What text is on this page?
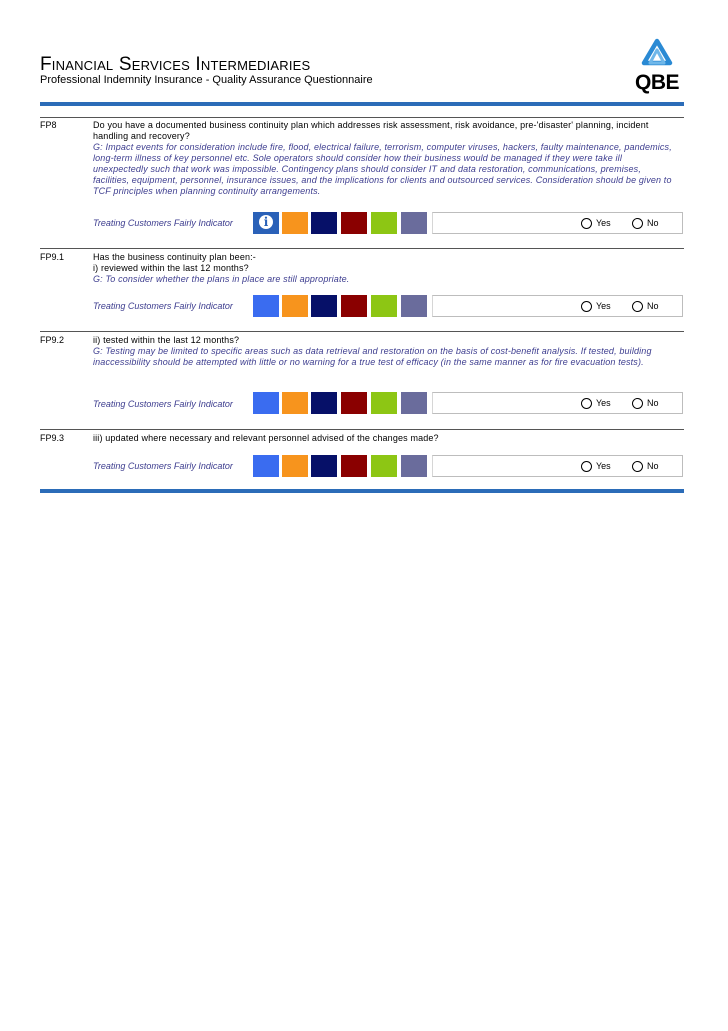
Financial Services Intermediaries
Professional Indemnity Insurance - Quality Assurance Questionnaire	QBE
FP8	Do you have a documented business continuity plan which addresses risk assessment, risk avoidance, pre-'disaster' planning, incident
handling and recovery?
G: Impact events for consideration include fire, flood, electrical failure, terrorism, computer viruses, hackers, faulty maintenance, pandemics,
long-term illness of key personnel etc. Sole operators should consider how their business would be managed if they were take ill
unexpectedly such that work was impossible. Contingency plans should consider IT and data restoration, communications, premises,
facilities, equipment, personnel, insurance issues, and the implications for clients and outsourced services. Consideration should be given to
TCF principles when planning continuity arrangements.
Treating Customers Fairly Indicator	i	Yes	No
FP9.1	Has the business continuity plan been:-
i) reviewed within the last 12 months?
G: To consider whether the plans in place are still appropriate.
Treating Customers Fairly Indicator	Yes	No
FP9.2	ii) tested within the last 12 months?
G: Testing may be limited to specific areas such as data retrieval and restoration on the basis of cost-benefit analysis. If tested, building
inaccessibility should be attempted with little or no warning for a true test of efficacy (in the same manner as for fire evacuation tests).
Treating Customers Fairly Indicator	Yes	No
FP9.3	iii) updated where necessary and relevant personnel advised of the changes made?
Treating Customers Fairly Indicator	Yes	No
